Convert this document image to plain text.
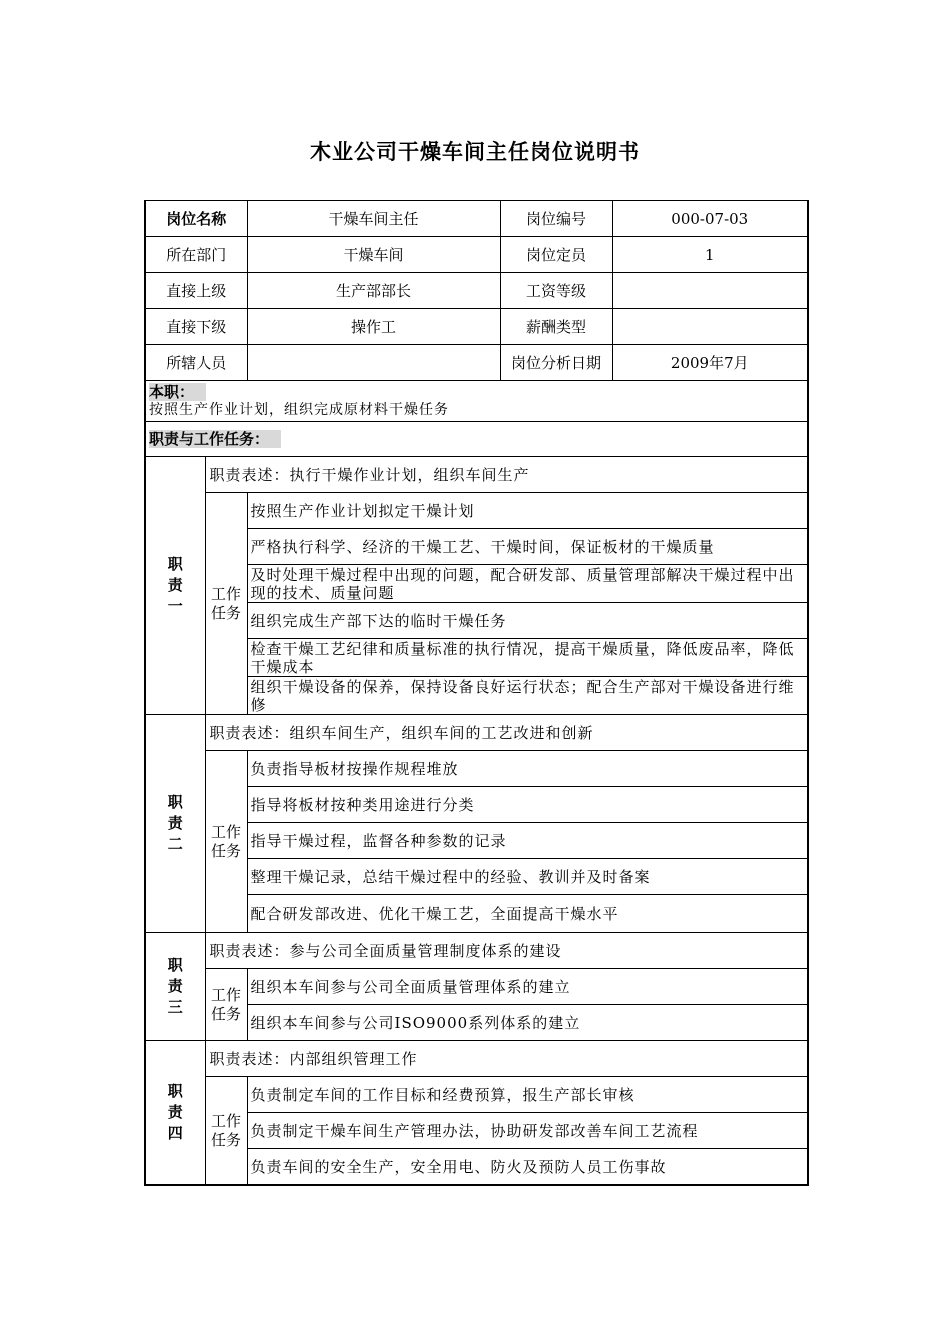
木业公司干燥车间主任岗位说明书
岗位名称		干燥车间主任	岗位编号	000-07-03
所在部门		干燥车间	岗位定员	1
直接上级		生产部部长	工资等级	
直接下级		操作工	薪酬类型	
所辖人员			岗位分析日期	2009年7月

本职：
按照生产作业计划，组织完成原材料干燥任务				

职责与工作任务：				

职责一	职责表述：执行干燥作业计划，组织车间生产			
	工作任务	按照生产作业计划拟定干燥计划		
		严格执行科学、经济的干燥工艺、干燥时间，保证板材的干燥质量		
		及时处理干燥过程中出现的问题，配合研发部、质量管理部解决干燥过程中出现的技术、质量问题		
		组织完成生产部下达的临时干燥任务		
		检查干燥工艺纪律和质量标准的执行情况，提高干燥质量，降低废品率，降低干燥成本		
		组织干燥设备的保养，保持设备良好运行状态；配合生产部对干燥设备进行维修		
职责二	职责表述：组织车间生产，组织车间的工艺改进和创新			
	工作任务	负责指导板材按操作规程堆放		
		指导将板材按种类用途进行分类		
		指导干燥过程，监督各种参数的记录		
		整理干燥记录，总结干燥过程中的经验、教训并及时备案		
		配合研发部改进、优化干燥工艺，全面提高干燥水平		
职责三	职责表述：参与公司全面质量管理制度体系的建设			
	工作任务	组织本车间参与公司全面质量管理体系的建立		
		组织本车间参与公司ISO9000系列体系的建立		
职责四	职责表述：内部组织管理工作			
	工作任务	负责制定车间的工作目标和经费预算，报生产部长审核		
		负责制定干燥车间生产管理办法，协助研发部改善车间工艺流程		
		负责车间的安全生产，安全用电、防火及预防人员工伤事故		
